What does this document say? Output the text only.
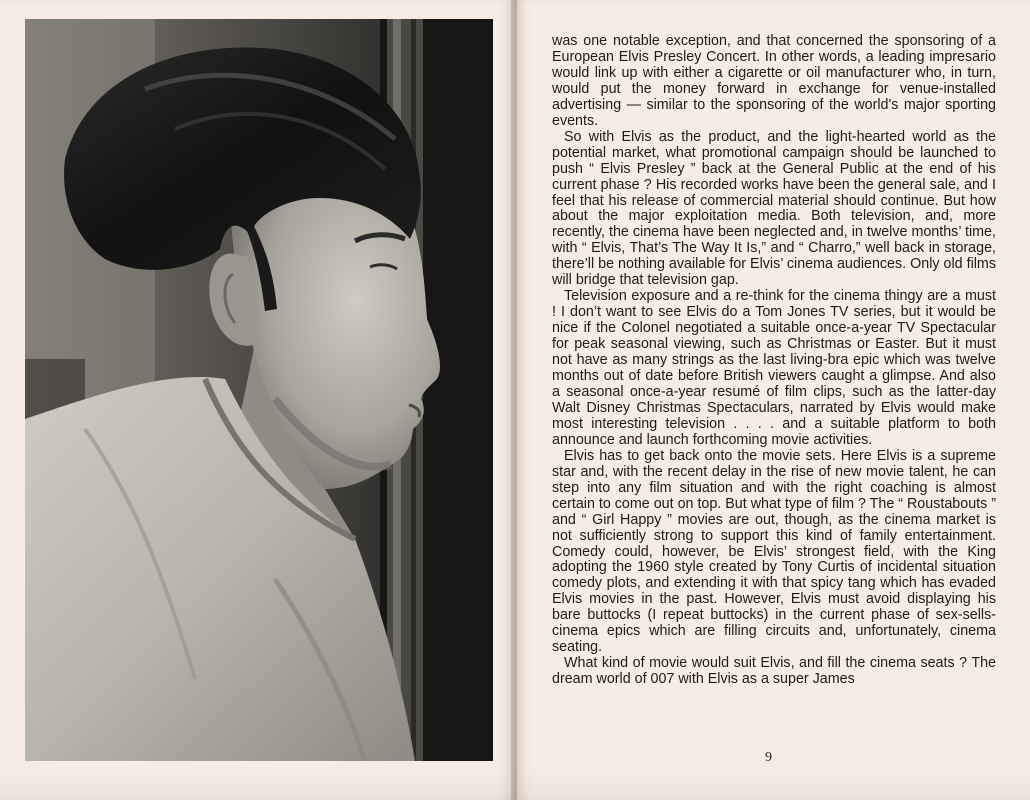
was one notable exception, and that concerned the sponsoring of a European Elvis Presley Concert. In other words, a leading impresario would link up with either a cigarette or oil manufacturer who, in turn, would put the money forward in exchange for venue-installed advertising — similar to the sponsoring of the world's major sporting events.

So with Elvis as the product, and the light-hearted world as the potential market, what promotional campaign should be launched to push “ Elvis Presley ” back at the General Public at the end of his current phase ? His recorded works have been the general sale, and I feel that his release of commercial material should continue. But how about the major exploitation media. Both television, and, more recently, the cinema have been neglected and, in twelve months’ time, with “ Elvis, That’s The Way It Is,” and “ Charro,” well back in storage, there’ll be nothing available for Elvis’ cinema audiences. Only old films will bridge that television gap.

Television exposure and a re-think for the cinema thingy are a must ! I don’t want to see Elvis do a Tom Jones TV series, but it would be nice if the Colonel negotiated a suitable once-a-year TV Spectacular for peak seasonal viewing, such as Christmas or Easter. But it must not have as many strings as the last living-bra epic which was twelve months out of date before British viewers caught a glimpse. And also a seasonal once-a-year resumé of film clips, such as the latter-day Walt Disney Christmas Spectaculars, narrated by Elvis would make most interesting television . . . . and a suitable platform to both announce and launch forthcoming movie activities.

Elvis has to get back onto the movie sets. Here Elvis is a supreme star and, with the recent delay in the rise of new movie talent, he can step into any film situation and with the right coaching is almost certain to come out on top. But what type of film ? The “ Roustabouts ” and “ Girl Happy ” movies are out, though, as the cinema market is not sufficiently strong to support this kind of family entertainment. Comedy could, however, be Elvis’ strongest field, with the King adopting the 1960 style created by Tony Curtis of incidental situation comedy plots, and extending it with that spicy tang which has evaded Elvis movies in the past. However, Elvis must avoid displaying his bare buttocks (I repeat buttocks) in the current phase of sex-sells-cinema epics which are filling circuits and, unfortunately, cinema seating.

What kind of movie would suit Elvis, and fill the cinema seats ? The dream world of 007 with Elvis as a super James

9
